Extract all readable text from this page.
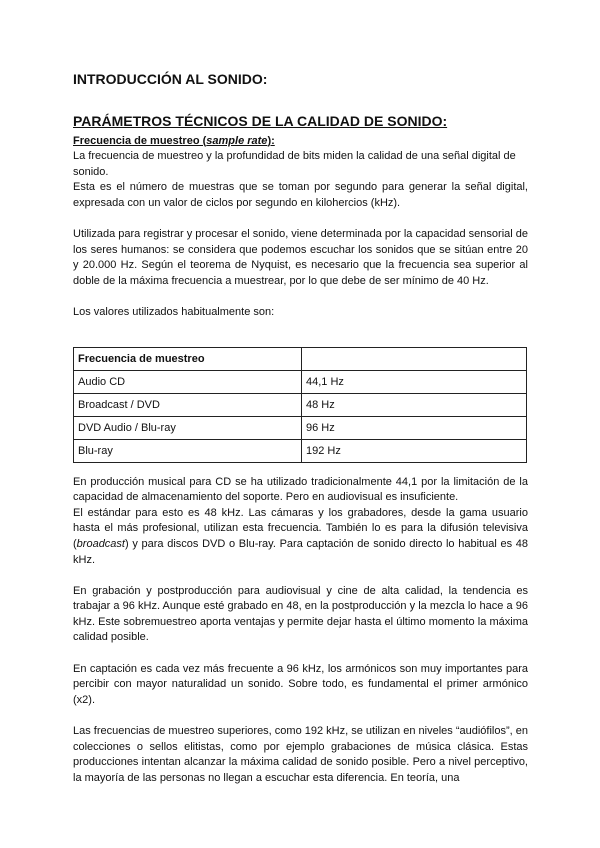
INTRODUCCIÓN AL SONIDO:

PARÁMETROS TÉCNICOS DE LA CALIDAD DE SONIDO:

Frecuencia de muestreo (sample rate):

La frecuencia de muestreo y la profundidad de bits miden la calidad de una señal digital de sonido.

Esta es el número de muestras que se toman por segundo para generar la señal digital, expresada con un valor de ciclos por segundo en kilohercios (kHz).

Utilizada para registrar y procesar el sonido, viene determinada por la capacidad sensorial de los seres humanos: se considera que podemos escuchar los sonidos que se sitúan entre 20 y 20.000 Hz. Según el teorema de Nyquist, es necesario que la frecuencia sea superior al doble de la máxima frecuencia a muestrear, por lo que debe de ser mínimo de 40 Hz.

Los valores utilizados habitualmente son:

Frecuencia de muestreo	
Audio CD	44,1 Hz
Broadcast / DVD	48 Hz
DVD Audio / Blu-ray	96 Hz
Blu-ray	192 Hz

En producción musical para CD se ha utilizado tradicionalmente 44,1 por la limitación de la capacidad de almacenamiento del soporte. Pero en audiovisual es insuficiente.

El estándar para esto es 48 kHz. Las cámaras y los grabadores, desde la gama usuario hasta el más profesional, utilizan esta frecuencia. También lo es para la difusión televisiva (broadcast) y para discos DVD o Blu-ray. Para captación de sonido directo lo habitual es 48 kHz.

En grabación y postproducción para audiovisual y cine de alta calidad, la tendencia es trabajar a 96 kHz. Aunque esté grabado en 48, en la postproducción y la mezcla lo hace a 96 kHz. Este sobremuestreo aporta ventajas y permite dejar hasta el último momento la máxima calidad posible.

En captación es cada vez más frecuente a 96 kHz, los armónicos son muy importantes para percibir con mayor naturalidad un sonido. Sobre todo, es fundamental el primer armónico (x2).

Las frecuencias de muestreo superiores, como 192 kHz, se utilizan en niveles “audiófilos”, en colecciones o sellos elitistas, como por ejemplo grabaciones de música clásica. Estas producciones intentan alcanzar la máxima calidad de sonido posible. Pero a nivel perceptivo, la mayoría de las personas no llegan a escuchar esta diferencia. En teoría, una
